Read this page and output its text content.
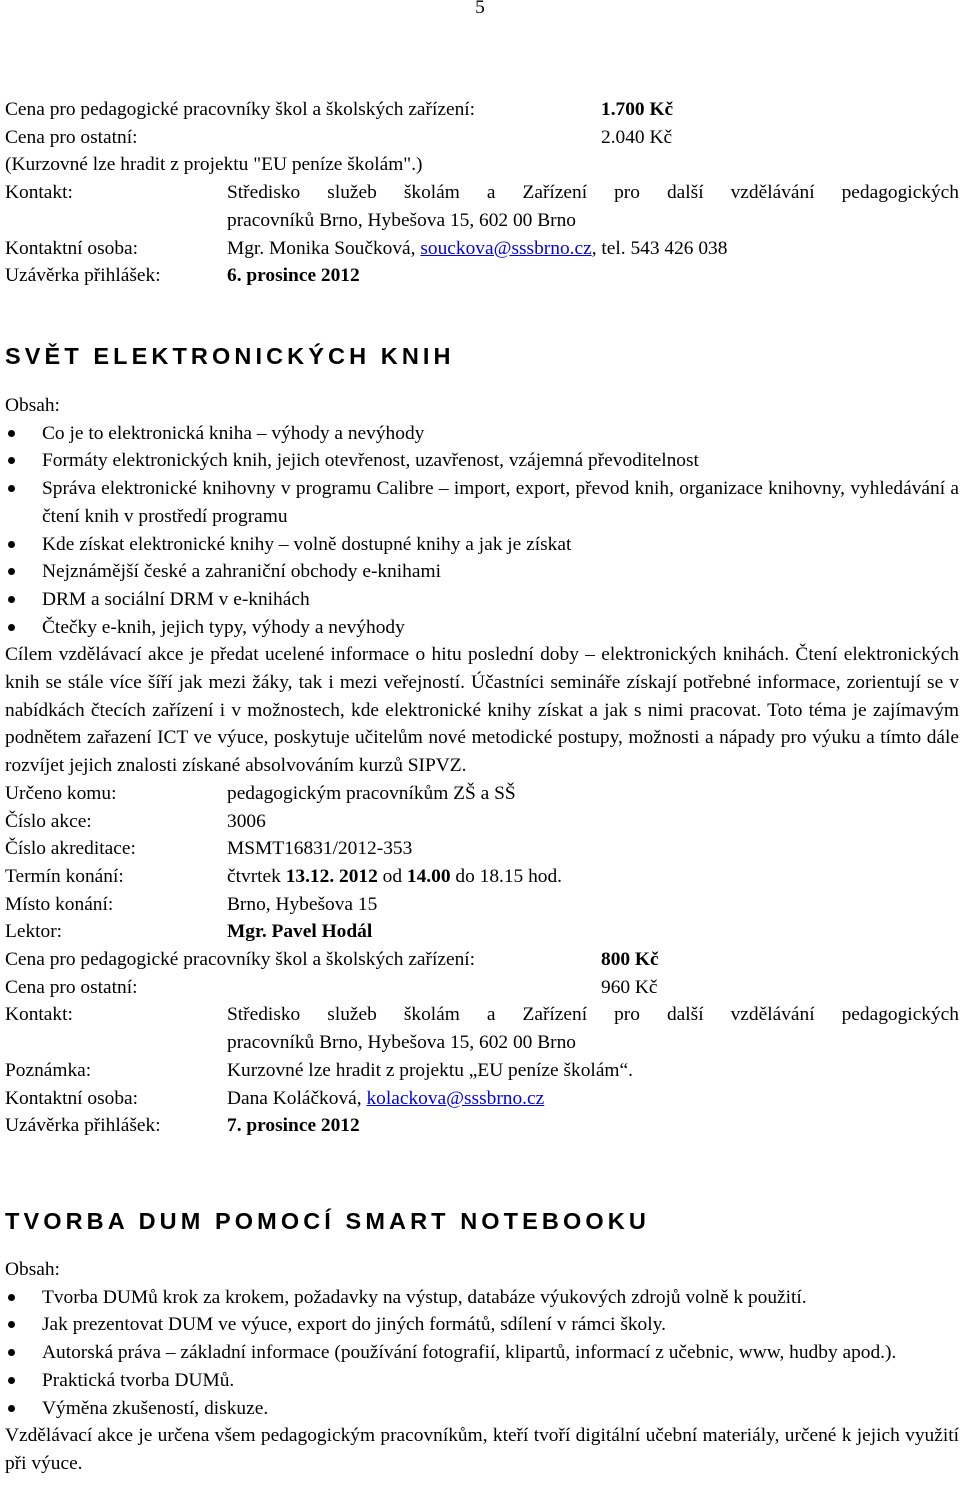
5
Cena pro pedagogické pracovníky škol a školských zařízení:	1.700 Kč
Cena pro ostatní:	2.040 Kč
(Kurzovné lze hradit z projektu "EU peníze školám".)
Kontakt:	Středisko služeb školám a Zařízení pro další vzdělávání pedagogických
pracovníků Brno, Hybešova 15, 602 00 Brno
Kontaktní osoba:	Mgr. Monika Součková, souckova@sssbrno.cz, tel. 543 426 038
Uzávěrka přihlášek:	6. prosince 2012
SVĚT ELEKTRONICKÝCH KNIH
Obsah:
Co je to elektronická kniha – výhody a nevýhody
Formáty elektronických knih, jejich otevřenost, uzavřenost, vzájemná převoditelnost
Správa elektronické knihovny v programu Calibre – import, export, převod knih, organizace knihovny, vyhledávání a čtení knih v prostředí programu
Kde získat elektronické knihy – volně dostupné knihy a jak je získat
Nejznámější české a zahraniční obchody e-knihami
DRM a sociální DRM v e-knihách
Čtečky e-knih, jejich typy, výhody a nevýhody
Cílem vzdělávací akce je předat ucelené informace o hitu poslední doby – elektronických knihách. Čtení elektronických knih se stále více šíří jak mezi žáky, tak i mezi veřejností. Účastníci semináře získají potřebné informace, zorientují se v nabídkách čtecích zařízení i v možnostech, kde elektronické knihy získat a jak s nimi pracovat. Toto téma je zajímavým podnětem zařazení ICT ve výuce, poskytuje učitelům nové metodické postupy, možnosti a nápady pro výuku a tímto dále rozvíjet jejich znalosti získané absolvováním kurzů SIPVZ.
Určeno komu:	pedagogickým pracovníkům ZŠ a SŠ
Číslo akce:	3006
Číslo akreditace:	MSMT16831/2012-353
Termín konání:	čtvrtek 13.12. 2012 od 14.00 do 18.15 hod.
Místo konání:	Brno, Hybešova 15
Lektor:	Mgr. Pavel Hodál
Cena pro pedagogické pracovníky škol a školských zařízení:	800 Kč
Cena pro ostatní:	960 Kč
Kontakt:	Středisko služeb školám a Zařízení pro další vzdělávání pedagogických
pracovníků Brno, Hybešova 15, 602 00 Brno
Poznámka:	Kurzovné lze hradit z projektu „EU peníze školám“.
Kontaktní osoba:	Dana Koláčková, kolackova@sssbrno.cz
Uzávěrka přihlášek:	7. prosince 2012
TVORBA DUM POMOCÍ SMART NOTEBOOKU
Obsah:
Tvorba DUMů krok za krokem, požadavky na výstup, databáze výukových zdrojů volně k použití.
Jak prezentovat DUM ve výuce, export do jiných formátů, sdílení v rámci školy.
Autorská práva – základní informace (používání fotografií, klipartů, informací z učebnic, www, hudby apod.).
Praktická tvorba DUMů.
Výměna zkušeností, diskuze.
Vzdělávací akce je určena všem pedagogickým pracovníkům, kteří tvoří digitální učební materiály, určené k jejich využití při výuce.
